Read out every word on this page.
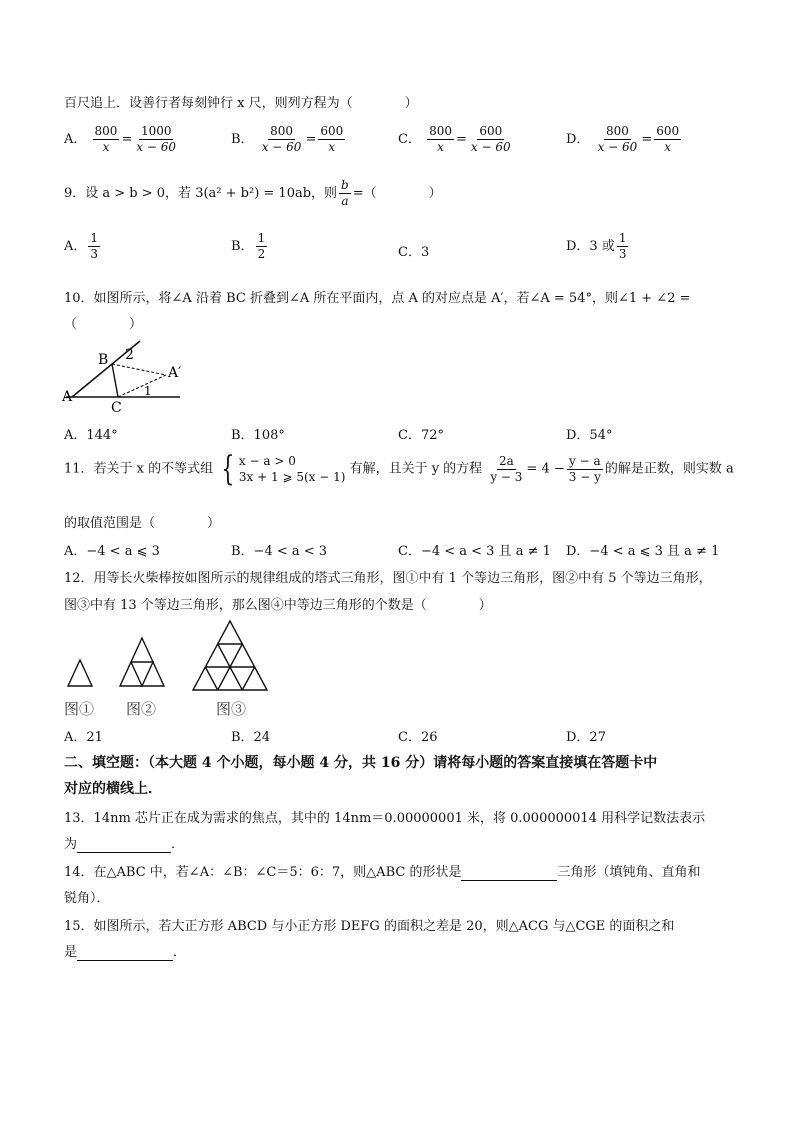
百尺追上．设善行者每刻钟行 x 尺，则列方程为（　　　　）
A． $\frac{800}{x} = \frac{1000}{x - 60}$	B． $\frac{800}{x - 60} = \frac{600}{x}$	C． $\frac{800}{x} = \frac{600}{x - 60}$	D． $\frac{800}{x - 60} = \frac{600}{x}$
9．设 a > b > 0，若 3(a² + b²) = 10ab，则 $\frac{b}{a}$ =（　　　　）
A． $\frac{1}{3}$	B． $\frac{1}{2}$	C．3	D．3 或 $\frac{1}{3}$
10．如图所示，将∠A 沿着 BC 折叠到∠A 所在平面内，点 A 的对应点是 A′，若∠A = 54°，则∠1 + ∠2 =
（　　　　）
A
B
C
A′
1
2
A．144°	B．108°	C．72°	D．54°
11．若关于 x 的不等式组 { x − a > 0
3x + 1 ⩾ 5(x − 1)
有解，且关于 y 的方程 $\frac{2a}{y - 3} = 4 - \frac{y - a}{3 - y}$ 的解是正数，则实数 a
的取值范围是（　　　　）
A．−4 < a ⩽ 3	B．−4 < a < 3	C．−4 < a < 3 且 a ≠ 1 D．−4 < a ⩽ 3 且 a ≠ 1
12．用等长火柴棒按如图所示的规律组成的塔式三角形，图①中有 1 个等边三角形，图②中有 5 个等边三角形，
图③中有 13 个等边三角形，那么图④中等边三角形的个数是（　　　　）
图① 图②	图③
A．21	B．24	C．26	D．27
二、填空题：（本大题 4 个小题，每小题 4 分，共 16 分）请将每小题的答案直接填在答题卡中
对应的横线上．
13．14nm 芯片正在成为需求的焦点，其中的 14nm＝0.00000001 米，将 0.000000014 用科学记数法表示
为	．
14．在△ABC 中，若∠A：∠B：∠C＝5：6：7，则△ABC 的形状是	三角形（填钝角、直角和
锐角）．
15．如图所示，若大正方形 ABCD 与小正方形 DEFG 的面积之差是 20，则△ACG 与△CGE 的面积之和
是	．
